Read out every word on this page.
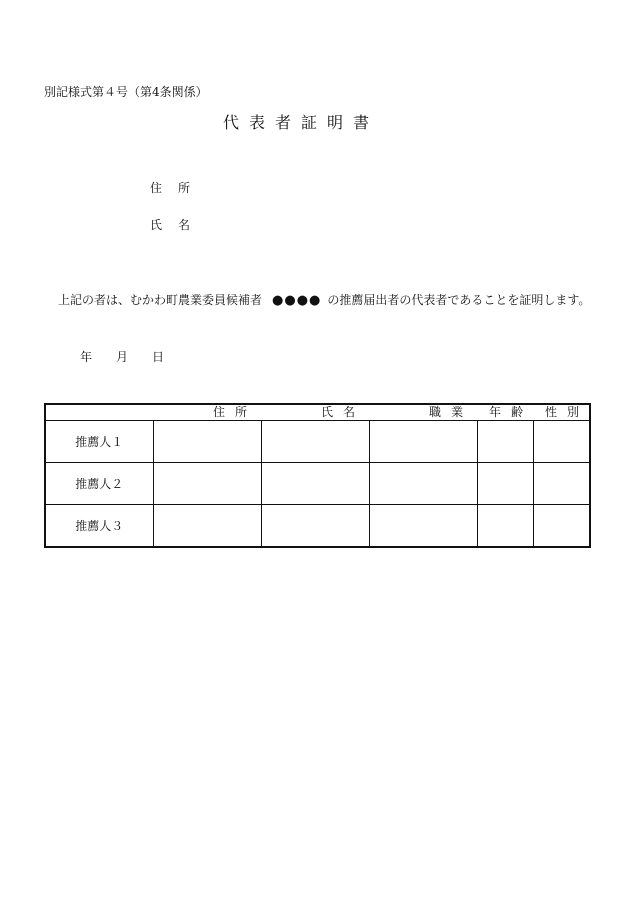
別記様式第４号（第4条関係）
代表者証明書
住所
氏名
上記の者は、むかわ町農業委員候補者 ●●●● の推薦届出者の代表者であることを証明します。
年 月 日
	住所	氏名	職業	年齢	性別
推薦人１					
推薦人２					
推薦人３					
